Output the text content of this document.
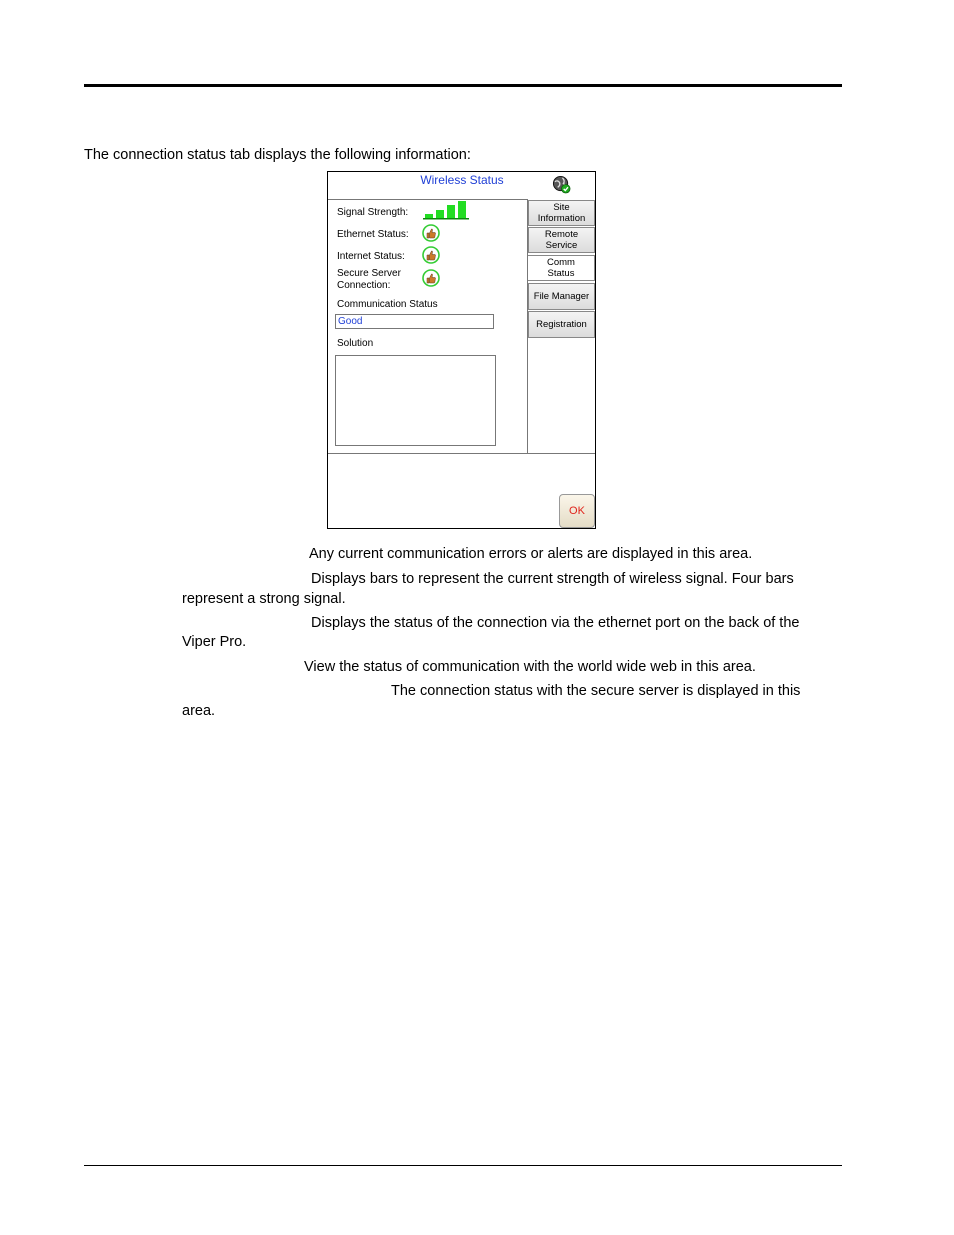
The connection status tab displays the following information:
Wireless Status
Signal Strength:
Ethernet Status:
Internet Status:
Secure Server
Connection:
Communication Status
Good
Solution
Site
Information
Remote
Service
Comm
Status
File Manager
Registration
OK
Any current communication errors or alerts are displayed in this area.
Displays bars to represent the current strength of wireless signal. Four bars
represent a strong signal.
Displays the status of the connection via the ethernet port on the back of the
Viper Pro.
View the status of communication with the world wide web in this area.
The connection status with the secure server is displayed in this
area.
